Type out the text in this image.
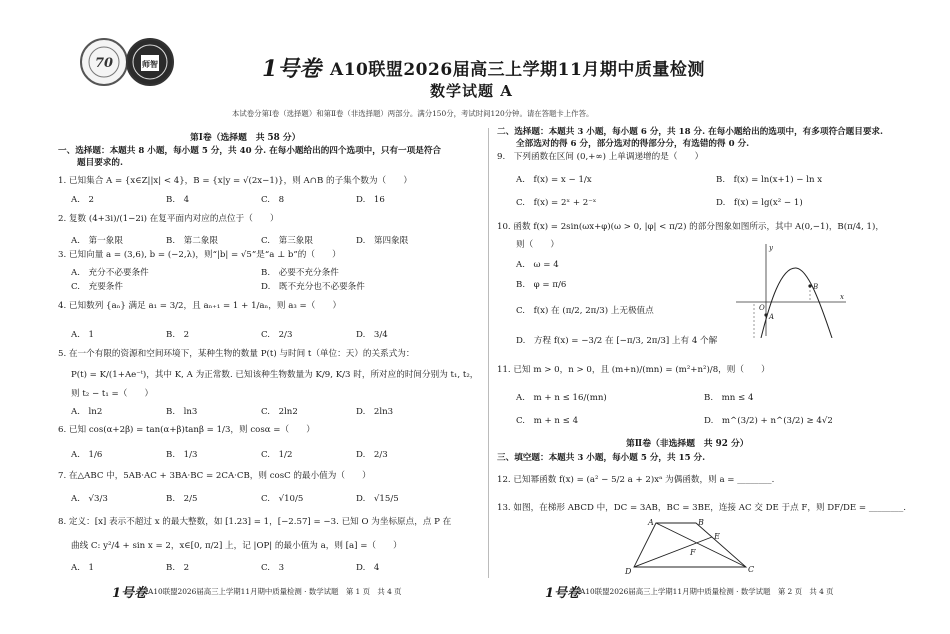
70	师智	1号卷 A10联盟2026届高三上学期11月期中质量检测
数学试题 A
本试卷分第Ⅰ卷（选择题）和第Ⅱ卷（非选择题）两部分。满分150分，考试时间120分钟。请在答题卡上作答。
第Ⅰ卷（选择题　共 58 分）
一、选择题：本题共 8 小题，每小题 5 分，共 40 分. 在每小题给出的四个选项中，只有一项是符合
题目要求的.
1. 已知集合 A = {x∈Z||x| < 4}，B = {x|y = √(2x−1)}，则 A∩B 的子集个数为（　　）
A.　2	B.　4	C.　8	D.　16
2. 复数 (4+3i)/(1−2i) 在复平面内对应的点位于（　　）
A.　第一象限	B.　第二象限	C.　第三象限	D.　第四象限
3. 已知向量 a = (3,6), b = (−2,λ)，则“|b| = √5”是“a ⊥ b”的（　　）
A.　充分不必要条件	B.　必要不充分条件
C.　充要条件	D.　既不充分也不必要条件
4. 已知数列 {aₙ} 满足 a₁ = 3/2，且 aₙ₊₁ = 1 + 1/aₙ，则 a₃ =（　　）
A.　1	B.　2	C.　2/3	D.　3/4
5. 在一个有限的资源和空间环境下，某种生物的数量 P(t) 与时间 t（单位：天）的关系式为：
P(t) = K/(1+Ae⁻ᵗ)，其中 K, A 为正常数. 已知该种生物数量为 K/9, K/3 时，所对应的时间分别为 t₁, t₂，
则 t₂ − t₁ =（　　）
A.　ln2	B.　ln3	C.　2ln2	D.　2ln3
6. 已知 cos(α+2β) = tan(α+β)tanβ = 1/3，则 cosα =（　　）
A.　1/6	B.　1/3	C.　1/2	D.　2/3
7. 在△ABC 中，5AB·AC + 3BA·BC = 2CA·CB，则 cosC 的最小值为（　　）
A.　√3/3	B.　2/5	C.　√10/5	D.　√15/5
8. 定义：[x] 表示不超过 x 的最大整数，如 [1.23] = 1，[−2.57] = −3. 已知 O 为坐标原点，点 P 在
曲线 C: y²/4 + sin x = 2，x∈[0, π/2] 上，记 |OP| 的最小值为 a，则 [a] =（　　）
A.　1	B.　2	C.　3	D.　4
1号卷 A10联盟2026届高三上学期11月期中质量检测 · 数学试题　第 1 页　共 4 页
二、选择题：本题共 3 小题，每小题 6 分，共 18 分. 在每小题给出的选项中，有多项符合题目要求.
全部选对的得 6 分，部分选对的得部分分，有选错的得 0 分.
9.　下列函数在区间 (0,+∞) 上单调递增的是（　　）
A.　f(x) = x − 1/x	B.　f(x) = ln(x+1) − ln x
C.　f(x) = 2ˣ + 2⁻ˣ	D.　f(x) = lg(x² − 1)
10. 函数 f(x) = 2sin(ωx+φ)(ω > 0, |φ| < π/2) 的部分图象如图所示，其中 A(0,−1)，B(π/4, 1)，
则（　　）
A.　ω = 4
B.　φ = π/6
C.　f(x) 在 (π/2, 2π/3) 上无极值点
D.　方程 f(x) = −3/2 在 [−π/3, 2π/3] 上有 4 个解
y
x
O
A
B
11. 已知 m > 0，n > 0，且 (m+n)/(mn) = (m²+n²)/8，则（　　）
A.　m + n ≤ 16/(mn)	B.　mn ≤ 4
C.　m + n ≤ 4	D.　m^(3/2) + n^(3/2) ≥ 4√2
第Ⅱ卷（非选择题　共 92 分）
三、填空题：本题共 3 小题，每小题 5 分，共 15 分.
12. 已知幂函数 f(x) = (a² − 5/2 a + 2)xᵃ 为偶函数，则 a = ________.
13. 如图，在梯形 ABCD 中，DC = 3AB，BC = 3BE，连接 AC 交 DE 于点 F，则 DF/DE = ________.
A	B
C
D
E
F
1号卷 A10联盟2026届高三上学期11月期中质量检测 · 数学试题　第 2 页　共 4 页
